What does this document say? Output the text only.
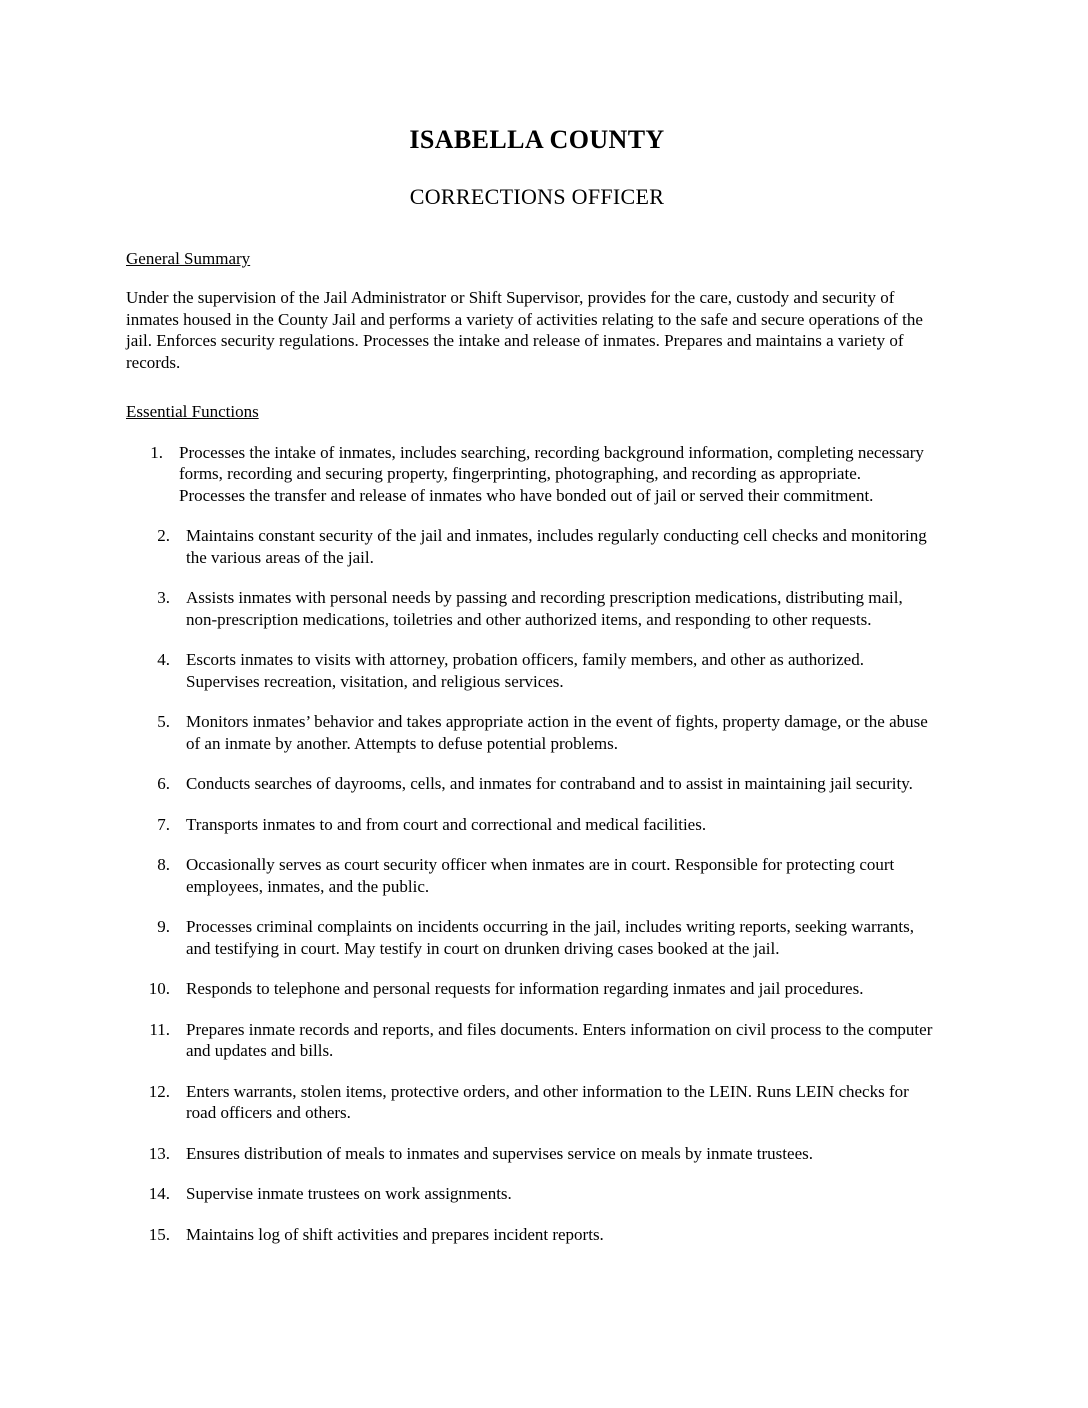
ISABELLA COUNTY
CORRECTIONS OFFICER
General Summary

Under the supervision of the Jail Administrator or Shift Supervisor, provides for the care, custody and security of inmates housed in the County Jail and performs a variety of activities relating to the safe and secure operations of the jail. Enforces security regulations. Processes the intake and release of inmates. Prepares and maintains a variety of records.

Essential Functions
1. Processes the intake of inmates, includes searching, recording background information, completing necessary forms, recording and securing property, fingerprinting, photographing, and recording as appropriate. Processes the transfer and release of inmates who have bonded out of jail or served their commitment.
2. Maintains constant security of the jail and inmates, includes regularly conducting cell checks and monitoring the various areas of the jail.
3. Assists inmates with personal needs by passing and recording prescription medications, distributing mail, non-prescription medications, toiletries and other authorized items, and responding to other requests.
4. Escorts inmates to visits with attorney, probation officers, family members, and other as authorized. Supervises recreation, visitation, and religious services.
5. Monitors inmates’ behavior and takes appropriate action in the event of fights, property damage, or the abuse of an inmate by another. Attempts to defuse potential problems.
6. Conducts searches of dayrooms, cells, and inmates for contraband and to assist in maintaining jail security.
7. Transports inmates to and from court and correctional and medical facilities.
8. Occasionally serves as court security officer when inmates are in court. Responsible for protecting court employees, inmates, and the public.
9. Processes criminal complaints on incidents occurring in the jail, includes writing reports, seeking warrants, and testifying in court. May testify in court on drunken driving cases booked at the jail.
10. Responds to telephone and personal requests for information regarding inmates and jail procedures.
11. Prepares inmate records and reports, and files documents. Enters information on civil process to the computer and updates and bills.
12. Enters warrants, stolen items, protective orders, and other information to the LEIN. Runs LEIN checks for road officers and others.
13. Ensures distribution of meals to inmates and supervises service on meals by inmate trustees.
14. Supervise inmate trustees on work assignments.
15. Maintains log of shift activities and prepares incident reports.
